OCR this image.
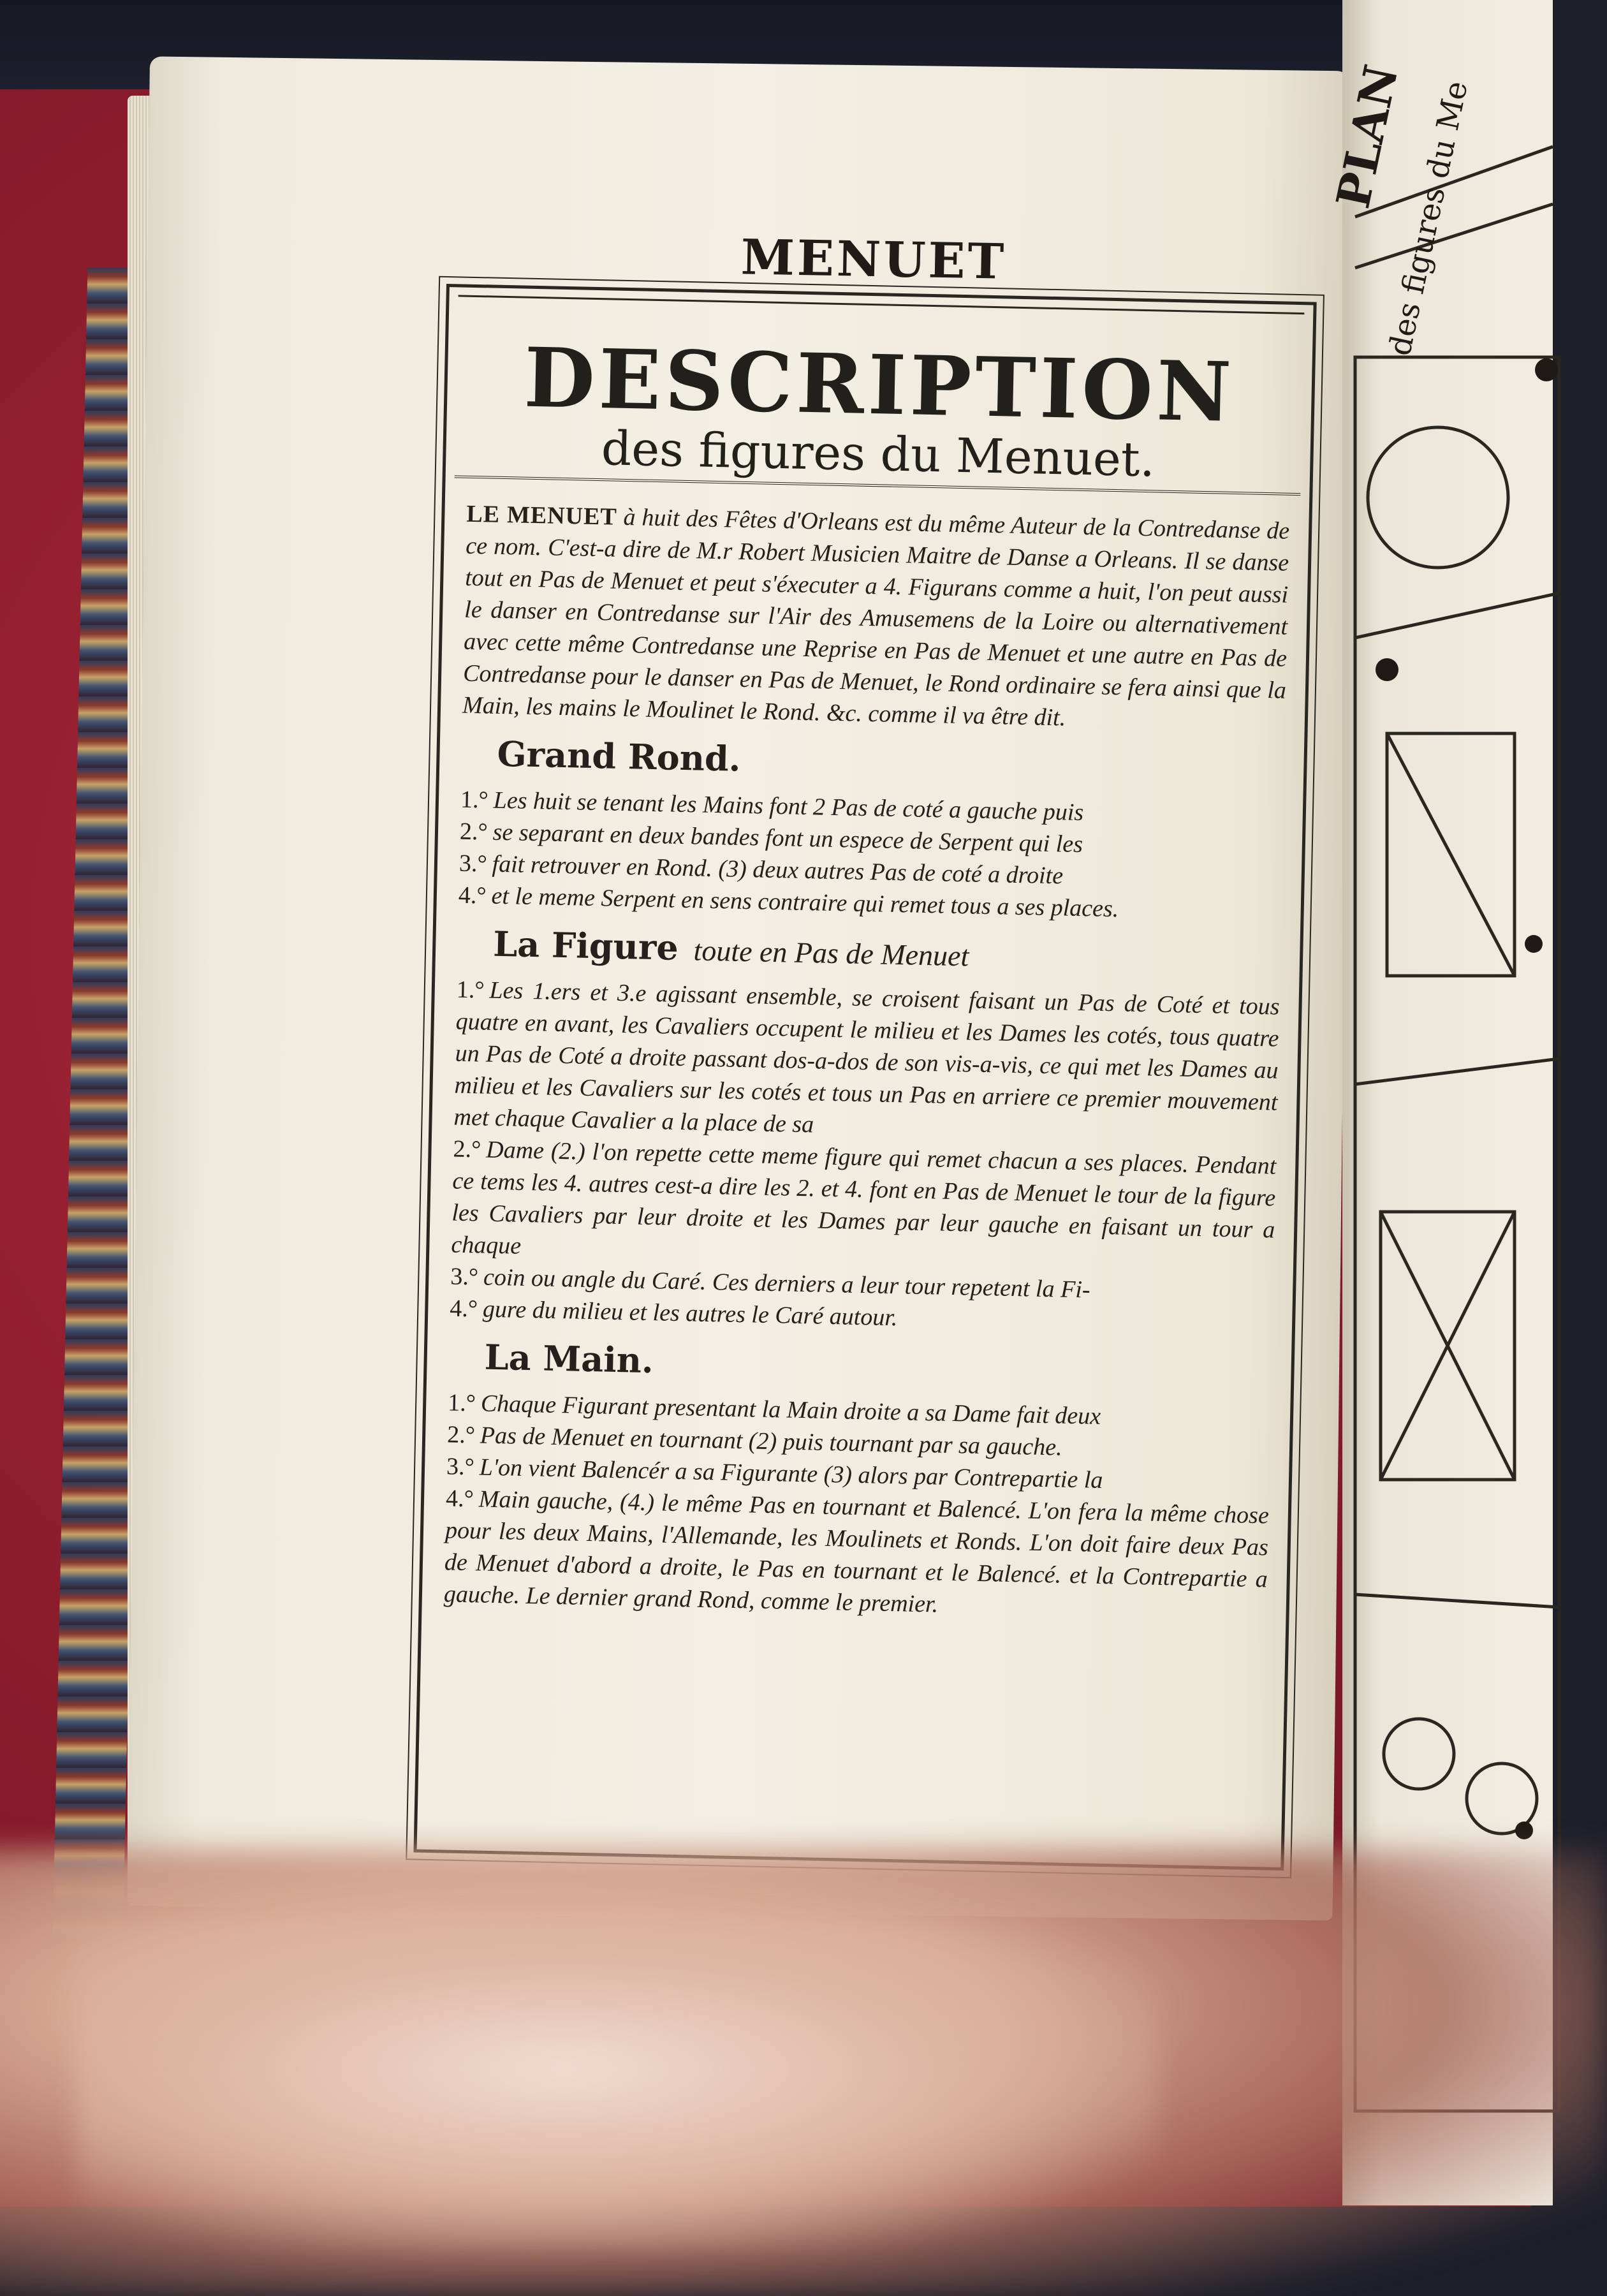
MENUET
DESCRIPTION
des figures du Menuet.

LE MENUET à huit des Fêtes d'Orleans est du même Auteur de la Contredanse de ce nom. C'est-a dire de M.r Robert Musicien Maitre de Danse a Orleans. Il se danse tout en Pas de Menuet et peut s'éxecuter a 4. Figurans comme a huit, l'on peut aussi le danser en Contredanse sur l'Air des Amusemens de la Loire ou alternativement avec cette même Contredanse une Reprise en Pas de Menuet et une autre en Pas de Contredanse pour le danser en Pas de Menuet, le Rond ordinaire se fera ainsi que la Main, les mains le Moulinet le Rond. &c. comme il va être dit.

Grand Rond.
1.° Les huit se tenant les Mains font 2 Pas de coté a gauche puis
2.° se separant en deux bandes font un espece de Serpent qui les
3.° fait retrouver en Rond. (3) deux autres Pas de coté a droite
4.° et le meme Serpent en sens contraire qui remet tous a ses places.
La Figure toute en Pas de Menuet
1.° Les 1.ers et 3.e agissant ensemble, se croisent faisant un Pas de Coté et tous quatre en avant, les Cavaliers occupent le milieu et les Dames les cotés, tous quatre un Pas de Coté a droite passant dos-a-dos de son vis-a-vis, ce qui met les Dames au milieu et les Cavaliers sur les cotés et tous un Pas en arriere ce premier mouvement met chaque Cavalier a la place de sa
2.° Dame (2.) l'on repette cette meme figure qui remet chacun a ses places. Pendant ce tems les 4. autres cest-a dire les 2. et 4. font en Pas de Menuet le tour de la figure les Cavaliers par leur droite et les Dames par leur gauche en faisant un tour a chaque
3.° coin ou angle du Caré. Ces derniers a leur tour repetent la Fi-
4.° gure du milieu et les autres le Caré autour.
La Main.
1.° Chaque Figurant presentant la Main droite a sa Dame fait deux
2.° Pas de Menuet en tournant (2) puis tournant par sa gauche.
3.° L'on vient Balencér a sa Figurante (3) alors par Contrepartie la
4.° Main gauche, (4.) le même Pas en tournant et Balencé. L'on fera la même chose pour les deux Mains, l'Allemande, les Moulinets et Ronds. L'on doit faire deux Pas de Menuet d'abord a droite, le Pas en tournant et le Balencé. et la Contrepartie a gauche. Le dernier grand Rond, comme le premier.
PLAN
des figures du Me
